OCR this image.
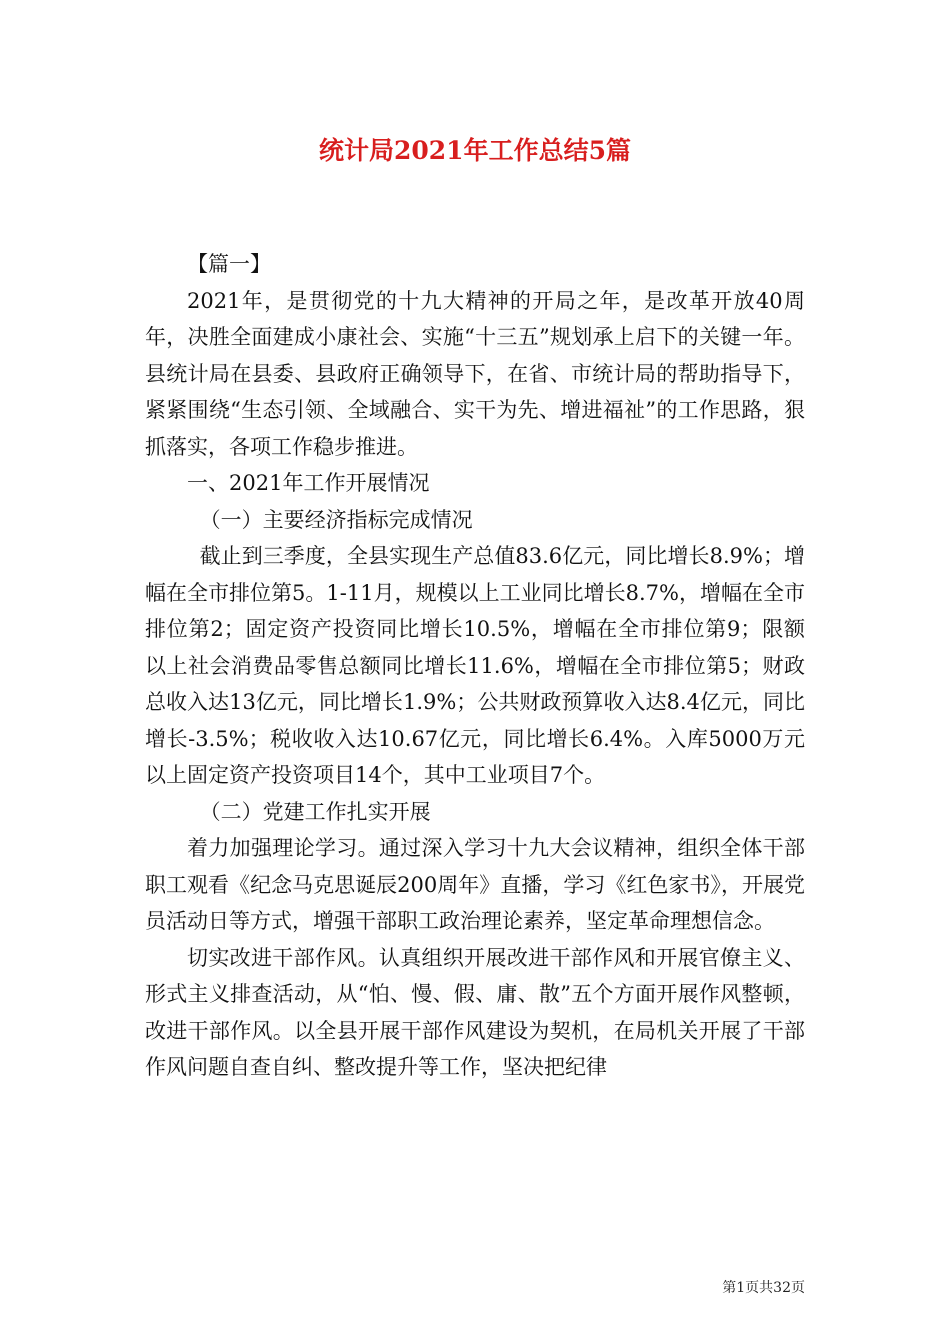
统计局2021年工作总结5篇

【篇一】

2021年，是贯彻党的十九大精神的开局之年，是改革开放40周年，决胜全面建成小康社会、实施“十三五”规划承上启下的关键一年。县统计局在县委、县政府正确领导下，在省、市统计局的帮助指导下，紧紧围绕“生态引领、全域融合、实干为先、增进福祉”的工作思路，狠抓落实，各项工作稳步推进。

一、2021年工作开展情况

（一）主要经济指标完成情况

截止到三季度，全县实现生产总值83.6亿元，同比增长8.9%；增幅在全市排位第5。1-11月，规模以上工业同比增长8.7%，增幅在全市排位第2；固定资产投资同比增长10.5%，增幅在全市排位第9；限额以上社会消费品零售总额同比增长11.6%，增幅在全市排位第5；财政总收入达13亿元，同比增长1.9%；公共财政预算收入达8.4亿元，同比增长-3.5%；税收收入达10.67亿元，同比增长6.4%。入库5000万元以上固定资产投资项目14个，其中工业项目7个。

（二）党建工作扎实开展

着力加强理论学习。通过深入学习十九大会议精神，组织全体干部职工观看《纪念马克思诞辰200周年》直播，学习《红色家书》，开展党员活动日等方式，增强干部职工政治理论素养，坚定革命理想信念。

切实改进干部作风。认真组织开展改进干部作风和开展官僚主义、形式主义排查活动，从“怕、慢、假、庸、散”五个方面开展作风整顿，改进干部作风。以全县开展干部作风建设为契机，在局机关开展了干部作风问题自查自纠、整改提升等工作，坚决把纪律

第1页共32页
